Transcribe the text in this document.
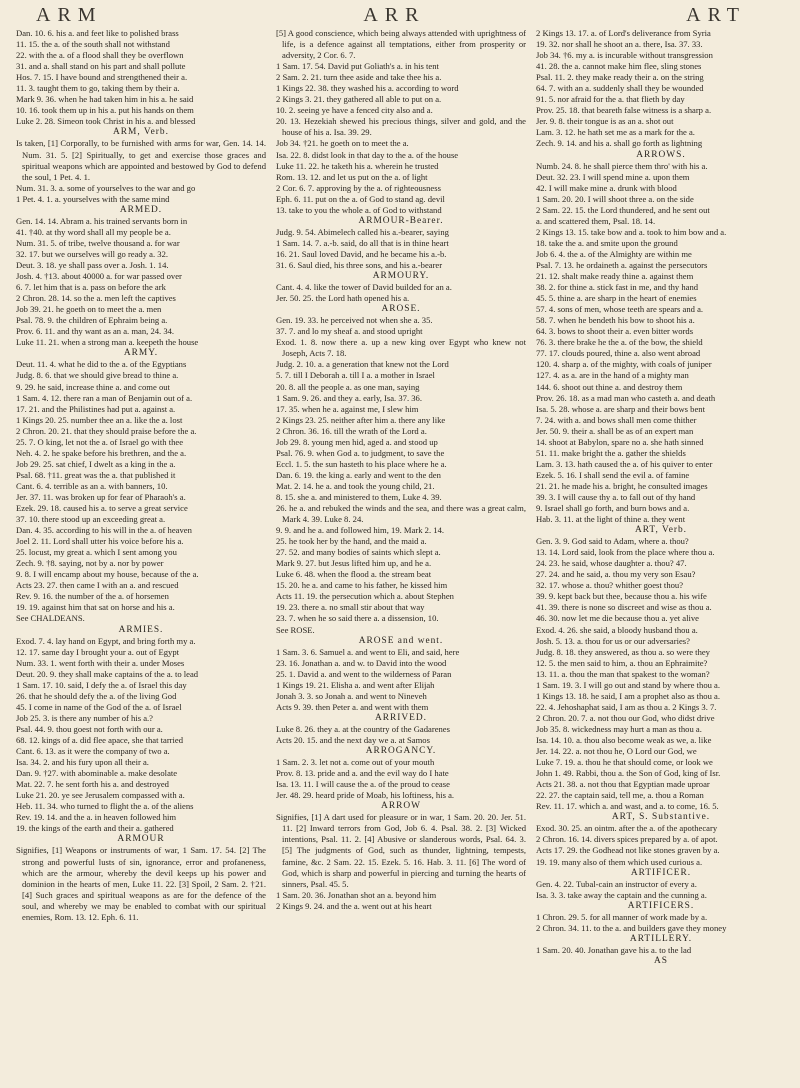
ARM	ARR	ART

Dan. 10. 6. his a. and feet like to polished brass

11. 15. the a. of the south shall not withstand

22. with the a. of a flood shall they be overflown

31. and a. shall stand on his part and shall pollute

Hos. 7. 15. I have bound and strengthened their a.

11. 3. taught them to go, taking them by their a.

Mark 9. 36. when he had taken him in his a. he said

10. 16. took them up in his a. put his hands on them

Luke 2. 28. Simeon took Christ in his a. and blessed

ARM, Verb.

Is taken, [1] Corporally, to be furnished with arms for war, Gen. 14. 14. Num. 31. 5. [2] Spiritually, to get and exercise those graces and spiritual weapons which are appointed and bestowed by God to defend the soul, 1 Pet. 4. 1.

Num. 31. 3. a. some of yourselves to the war and go

1 Pet. 4. 1. a. yourselves with the same mind

ARMED.

Gen. 14. 14. Abram a. his trained servants born in

41. †40. at thy word shall all my people be a.

Num. 31. 5. of tribe, twelve thousand a. for war

32. 17. but we ourselves will go ready a. 32.

Deut. 3. 18. ye shall pass over a. Josh. 1. 14.

Josh. 4. †13. about 40000 a. for war passed over

6. 7. let him that is a. pass on before the ark

2 Chron. 28. 14. so the a. men left the captives

Job 39. 21. he goeth on to meet the a. men

Psal. 78. 9. the children of Ephraim being a.

Prov. 6. 11. and thy want as an a. man, 24. 34.

Luke 11. 21. when a strong man a. keepeth the house

ARMY.

Deut. 11. 4. what he did to the a. of the Egyptians

Judg. 8. 6. that we should give bread to thine a.

9. 29. he said, increase thine a. and come out

1 Sam. 4. 12. there ran a man of Benjamin out of a.

17. 21. and the Philistines had put a. against a.

1 Kings 20. 25. number thee an a. like the a. lost

2 Chron. 20. 21. that they should praise before the a.

25. 7. O king, let not the a. of Israel go with thee

Neh. 4. 2. he spake before his brethren, and the a.

Job 29. 25. sat chief, I dwelt as a king in the a.

Psal. 68. †11. great was the a. that published it

Cant. 6. 4. terrible as an a. with banners, 10.

Jer. 37. 11. was broken up for fear of Pharaoh's a.

Ezek. 29. 18. caused his a. to serve a great service

37. 10. there stood up an exceeding great a.

Dan. 4. 35. according to his will in the a. of heaven

Joel 2. 11. Lord shall utter his voice before his a.

25. locust, my great a. which I sent among you

Zech. 9. †8. saying, not by a. nor by power

9. 8. I will encamp about my house, because of the a.

Acts 23. 27. then came I with an a. and rescued

Rev. 9. 16. the number of the a. of horsemen

19. 19. against him that sat on horse and his a.

See CHALDEANS.

ARMIES.

Exod. 7. 4. lay hand on Egypt, and bring forth my a.

12. 17. same day I brought your a. out of Egypt

Num. 33. 1. went forth with their a. under Moses

Deut. 20. 9. they shall make captains of the a. to lead

1 Sam. 17. 10. said, I defy the a. of Israel this day

26. that he should defy the a. of the living God

45. I come in name of the God of the a. of Israel

Job 25. 3. is there any number of his a.?

Psal. 44. 9. thou goest not forth with our a.

68. 12. kings of a. did flee apace, she that tarried

Cant. 6. 13. as it were the company of two a.

Isa. 34. 2. and his fury upon all their a.

Dan. 9. †27. with abominable a. make desolate

Mat. 22. 7. he sent forth his a. and destroyed

Luke 21. 20. ye see Jerusalem compassed with a.

Heb. 11. 34. who turned to flight the a. of the aliens

Rev. 19. 14. and the a. in heaven followed him

19. the kings of the earth and their a. gathered

ARMOUR

Signifies, [1] Weapons or instruments of war, 1 Sam. 17. 54. [2] The strong and powerful lusts of sin, ignorance, error and profaneness, which are the armour, whereby the devil keeps up his power and dominion in the hearts of men, Luke 11. 22. [3] Spoil, 2 Sam. 2. †21. [4] Such graces and spiritual weapons as are for the defence of the soul, and whereby we may be enabled to combat with our spiritual enemies, Rom. 13. 12. Eph. 6. 11.

[5] A good conscience, which being always attended with uprightness of life, is a defence against all temptations, either from prosperity or adversity, 2 Cor. 6. 7.

1 Sam. 17. 54. David put Goliath's a. in his tent

2 Sam. 2. 21. turn thee aside and take thee his a.

1 Kings 22. 38. they washed his a. according to word

2 Kings 3. 21. they gathered all able to put on a.

10. 2. seeing ye have a fenced city also and a.

20. 13. Hezekiah shewed his precious things, silver and gold, and the house of his a. Isa. 39. 29.

Job 34. †21. he goeth on to meet the a.

Isa. 22. 8. didst look in that day to the a. of the house

Luke 11. 22. he taketh his a. wherein he trusted

Rom. 13. 12. and let us put on the a. of light

2 Cor. 6. 7. approving by the a. of righteousness

Eph. 6. 11. put on the a. of God to stand ag. devil

13. take to you the whole a. of God to withstand

ARMOUR-Bearer.

Judg. 9. 54. Abimelech called his a.-bearer, saying

1 Sam. 14. 7. a.-b. said, do all that is in thine heart

16. 21. Saul loved David, and he became his a.-b.

31. 6. Saul died, his three sons, and his a.-bearer

ARMOURY.

Cant. 4. 4. like the tower of David builded for an a.

Jer. 50. 25. the Lord hath opened his a.

AROSE.

Gen. 19. 33. he perceived not when she a. 35.

37. 7. and lo my sheaf a. and stood upright

Exod. 1. 8. now there a. up a new king over Egypt who knew not Joseph, Acts 7. 18.

Judg. 2. 10. a. a generation that knew not the Lord

5. 7. till I Deborah a. till I a. a mother in Israel

20. 8. all the people a. as one man, saying

1 Sam. 9. 26. and they a. early, Isa. 37. 36.

17. 35. when he a. against me, I slew him

2 Kings 23. 25. neither after him a. there any like

2 Chron. 36. 16. till the wrath of the Lord a.

Job 29. 8. young men hid, aged a. and stood up

Psal. 76. 9. when God a. to judgment, to save the

Eccl. 1. 5. the sun hasteth to his place where he a.

Dan. 6. 19. the king a. early and went to the den

Mat. 2. 14. he a. and took the young child, 21.

8. 15. she a. and ministered to them, Luke 4. 39.

26. he a. and rebuked the winds and the sea, and there was a great calm, Mark 4. 39. Luke 8. 24.

9. 9. and he a. and followed him, 19. Mark 2. 14.

25. he took her by the hand, and the maid a.

27. 52. and many bodies of saints which slept a.

Mark 9. 27. but Jesus lifted him up, and he a.

Luke 6. 48. when the flood a. the stream beat

15. 20. he a. and came to his father, he kissed him

Acts 11. 19. the persecution which a. about Stephen

19. 23. there a. no small stir about that way

23. 7. when he so said there a. a dissension, 10.

See ROSE.

AROSE and went.

1 Sam. 3. 6. Samuel a. and went to Eli, and said, here

23. 16. Jonathan a. and w. to David into the wood

25. 1. David a. and went to the wilderness of Paran

1 Kings 19. 21. Elisha a. and went after Elijah

Jonah 3. 3. so Jonah a. and went to Nineveh

Acts 9. 39. then Peter a. and went with them

ARRIVED.

Luke 8. 26. they a. at the country of the Gadarenes

Acts 20. 15. and the next day we a. at Samos

ARROGANCY.

1 Sam. 2. 3. let not a. come out of your mouth

Prov. 8. 13. pride and a. and the evil way do I hate

Isa. 13. 11. I will cause the a. of the proud to cease

Jer. 48. 29. heard pride of Moab, his loftiness, his a.

ARROW

Signifies, [1] A dart used for pleasure or in war, 1 Sam. 20. 20. Jer. 51. 11. [2] Inward terrors from God, Job 6. 4. Psal. 38. 2. [3] Wicked intentions, Psal. 11. 2. [4] Abusive or slanderous words, Psal. 64. 3. [5] The judgments of God, such as thunder, lightning, tempests, famine, &c. 2 Sam. 22. 15. Ezek. 5. 16. Hab. 3. 11. [6] The word of God, which is sharp and powerful in piercing and turning the hearts of sinners, Psal. 45. 5.

1 Sam. 20. 36. Jonathan shot an a. beyond him

2 Kings 9. 24. and the a. went out at his heart

2 Kings 13. 17. a. of Lord's deliverance from Syria

19. 32. nor shall he shoot an a. there, Isa. 37. 33.

Job 34. †6. my a. is incurable without transgression

41. 28. the a. cannot make him flee, sling stones

Psal. 11. 2. they make ready their a. on the string

64. 7. with an a. suddenly shall they be wounded

91. 5. nor afraid for the a. that flieth by day

Prov. 25. 18. that beareth false witness is a sharp a.

Jer. 9. 8. their tongue is as an a. shot out

Lam. 3. 12. he hath set me as a mark for the a.

Zech. 9. 14. and his a. shall go forth as lightning

ARROWS.

Numb. 24. 8. he shall pierce them thro' with his a.

Deut. 32. 23. I will spend mine a. upon them

42. I will make mine a. drunk with blood

1 Sam. 20. 20. I will shoot three a. on the side

2 Sam. 22. 15. the Lord thundered, and he sent out

a. and scattered them, Psal. 18. 14.

2 Kings 13. 15. take bow and a. took to him bow and a.

18. take the a. and smite upon the ground

Job 6. 4. the a. of the Almighty are within me

Psal. 7. 13. he ordaineth a. against the persecutors

21. 12. shalt make ready thine a. against them

38. 2. for thine a. stick fast in me, and thy hand

45. 5. thine a. are sharp in the heart of enemies

57. 4. sons of men, whose teeth are spears and a.

58. 7. when he bendeth his bow to shoot his a.

64. 3. bows to shoot their a. even bitter words

76. 3. there brake he the a. of the bow, the shield

77. 17. clouds poured, thine a. also went abroad

120. 4. sharp a. of the mighty, with coals of juniper

127. 4. as a. are in the hand of a mighty man

144. 6. shoot out thine a. and destroy them

Prov. 26. 18. as a mad man who casteth a. and death

Isa. 5. 28. whose a. are sharp and their bows bent

7. 24. with a. and bows shall men come thither

Jer. 50. 9. their a. shall be as of an expert man

14. shoot at Babylon, spare no a. she hath sinned

51. 11. make bright the a. gather the shields

Lam. 3. 13. hath caused the a. of his quiver to enter

Ezek. 5. 16. I shall send the evil a. of famine

21. 21. he made his a. bright, he consulted images

39. 3. I will cause thy a. to fall out of thy hand

9. Israel shall go forth, and burn bows and a.

Hab. 3. 11. at the light of thine a. they went

ART, Verb.

Gen. 3. 9. God said to Adam, where a. thou?

13. 14. Lord said, look from the place where thou a.

24. 23. he said, whose daughter a. thou? 47.

27. 24. and he said, a. thou my very son Esau?

32. 17. whose a. thou? whither goest thou?

39. 9. kept back but thee, because thou a. his wife

41. 39. there is none so discreet and wise as thou a.

46. 30. now let me die because thou a. yet alive

Exod. 4. 26. she said, a bloody husband thou a.

Josh. 5. 13. a. thou for us or our adversaries?

Judg. 8. 18. they answered, as thou a. so were they

12. 5. the men said to him, a. thou an Ephraimite?

13. 11. a. thou the man that spakest to the woman?

1 Sam. 19. 3. I will go out and stand by where thou a.

1 Kings 13. 18. he said, I am a prophet also as thou a.

22. 4. Jehoshaphat said, I am as thou a. 2 Kings 3. 7.

2 Chron. 20. 7. a. not thou our God, who didst drive

Job 35. 8. wickedness may hurt a man as thou a.

Isa. 14. 10. a. thou also become weak as we, a. like

Jer. 14. 22. a. not thou he, O Lord our God, we

Luke 7. 19. a. thou he that should come, or look we

John 1. 49. Rabbi, thou a. the Son of God, king of Isr.

Acts 21. 38. a. not thou that Egyptian made uproar

22. 27. the captain said, tell me, a. thou a Roman

Rev. 11. 17. which a. and wast, and a. to come, 16. 5.

ART, S. Substantive.

Exod. 30. 25. an ointm. after the a. of the apothecary

2 Chron. 16. 14. divers spices prepared by a. of apot.

Acts 17. 29. the Godhead not like stones graven by a.

19. 19. many also of them which used curious a.

ARTIFICER.

Gen. 4. 22. Tubal-cain an instructor of every a.

Isa. 3. 3. take away the captain and the cunning a.

ARTIFICERS.

1 Chron. 29. 5. for all manner of work made by a.

2 Chron. 34. 11. to the a. and builders gave they money

ARTILLERY.

1 Sam. 20. 40. Jonathan gave his a. to the lad

AS
